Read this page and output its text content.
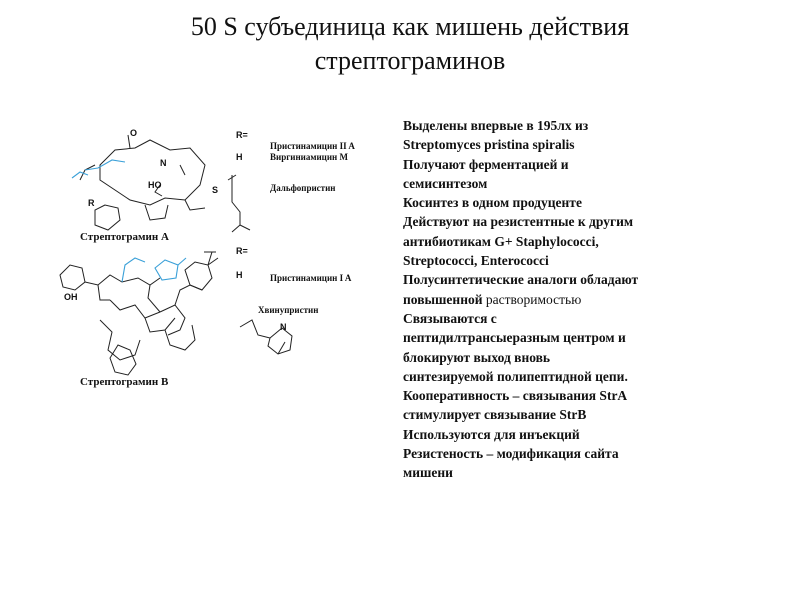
50 S субъединица как мишень действия
стрептограминов
O
N
HO
R
OH
S
N
R=
H
R=
H
Пристинамицин II A
Виргиниамицин M
Дальфопристин
Пристинамицин I A
Хвинупристин
Стрептограмин А
Стрептограмин B
Выделены впервые в 195лх из
Streptomyces pristina spiralis
Получают ферментацией и
семисинтезом
Косинтез в одном продуценте
Действуют на резистентные к другим
антибиотикам G+ Staphylococci,
Streptococci, Enterococci
Полусинтетические аналоги обладают
повышенной растворимостью
Связываются с
пептидилтрансыеразным центром и
блокируют выход вновь
синтезируемой полипептидной цепи.
Кооперативность – связывания StrA
стимулирует связывание StrB
Используются для инъекций
Резистеность – модификация сайта
мишени
